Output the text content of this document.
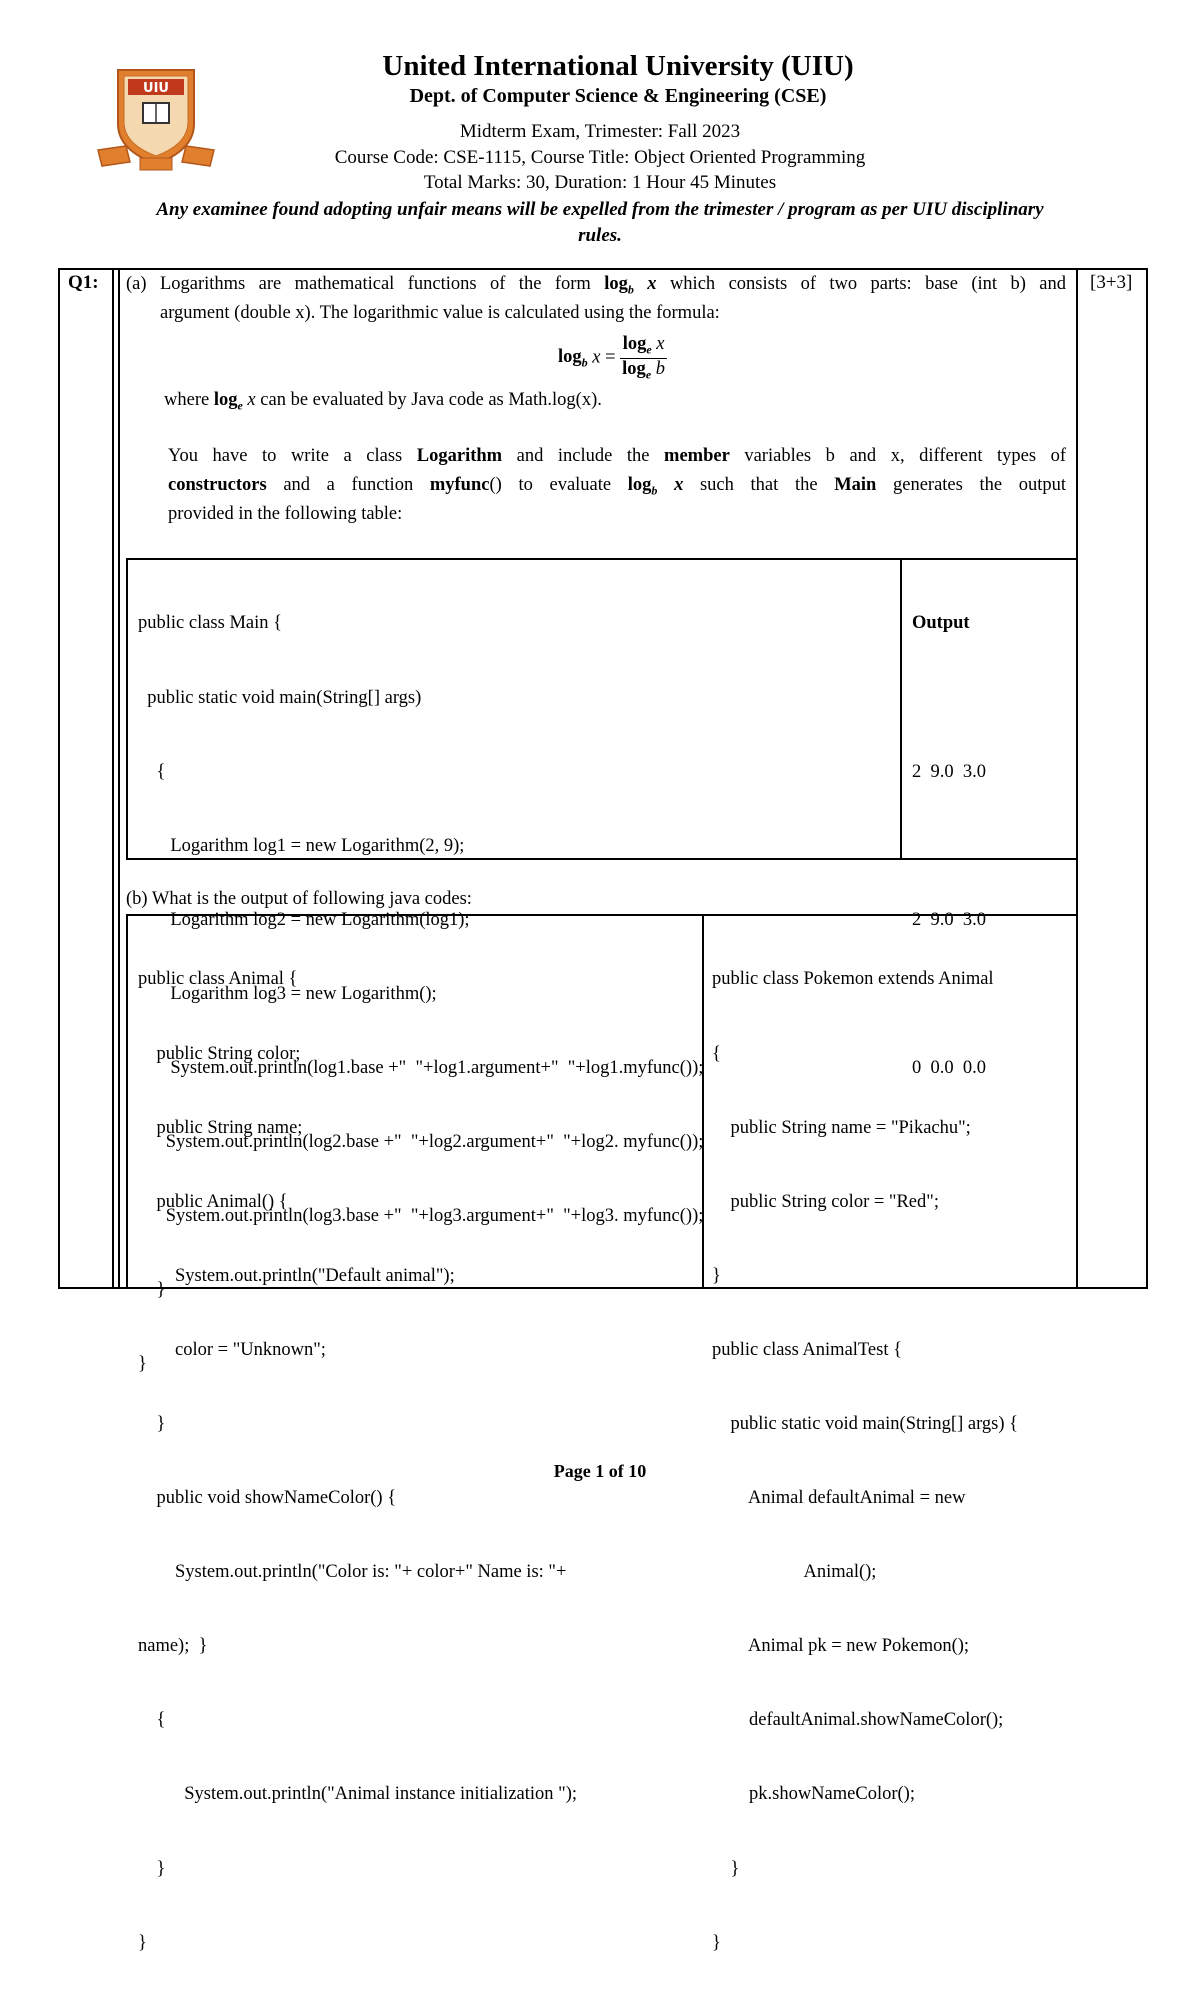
UIU
United International University (UIU)
Dept. of Computer Science & Engineering (CSE)
Midterm Exam, Trimester: Fall 2023
Course Code: CSE-1115, Course Title: Object Oriented Programming
Total Marks: 30, Duration: 1 Hour 45 Minutes
Any examinee found adopting unfair means will be expelled from the trimester / program as per UIU disciplinary
rules.
Q1:	[3+3]
(a) Logarithms are mathematical functions of the form $\log_b x$ which consists of two parts: base (int b) and
argument (double x). The logarithmic value is calculated using the formula:
$\log_b x = \frac{\log_e x}{\log_e b}$
where $\log_e x$ can be evaluated by Java code as Math.log(x).
You have to write a class Logarithm and include the member variables b and x, different types of
constructors and a function myfunc() to evaluate $\log_b x$ such that the Main generates the output
provided in the following table:

public class Main {

public static void main(String[] args)

{

Logarithm log1 = new Logarithm(2, 9);

Logarithm log2 = new Logarithm(log1);

Logarithm log3 = new Logarithm();

System.out.println(log1.base +"  "+log1.argument+"  "+log1.myfunc());

System.out.println(log2.base +"  "+log2.argument+"  "+log2. myfunc());

System.out.println(log3.base +"  "+log3.argument+"  "+log3. myfunc());

}

}

Output

2  9.0  3.0

2  9.0  3.0

0  0.0  0.0

(b) What is the output of following java codes:

public class Animal {

public String color;

public String name;

public Animal() {

System.out.println("Default animal");

color = "Unknown";

}

public void showNameColor() {

System.out.println("Color is: "+ color+" Name is: "+

name);  }

{

System.out.println("Animal instance initialization ");

}

}

public class Pokemon extends Animal

{

public String name = "Pikachu";

public String color = "Red";

}

public class AnimalTest {

public static void main(String[] args) {

Animal defaultAnimal = new

Animal();

Animal pk = new Pokemon();

defaultAnimal.showNameColor();

pk.showNameColor();

}

}

Page 1 of 10
